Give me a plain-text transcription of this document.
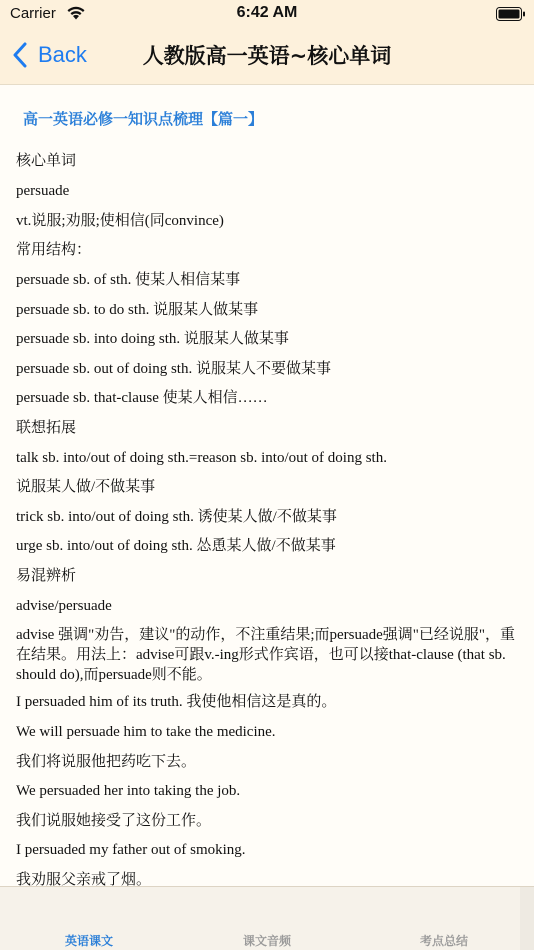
Carrier	6:42 AM
Back	人教版高一英语~核心单词
高一英语必修一知识点梳理【篇一】
核心单词
persuade
vt.说服;劝服;使相信(同convince)
常用结构：
persuade sb. of sth. 使某人相信某事
persuade sb. to do sth. 说服某人做某事
persuade sb. into doing sth. 说服某人做某事
persuade sb. out of doing sth. 说服某人不要做某事
persuade sb. that-clause 使某人相信……
联想拓展
talk sb. into/out of doing sth.=reason sb. into/out of doing sth.
说服某人做/不做某事
trick sb. into/out of doing sth. 诱使某人做/不做某事
urge sb. into/out of doing sth. 怂恿某人做/不做某事
易混辨析
advise/persuade
advise 强调"劝告，建议"的动作，不注重结果;而persuade强调"已经说服"，重在结果。用法上：advise可跟v.-ing形式作宾语，也可以接that-clause (that sb. should do),而persuade则不能。
I persuaded him of its truth. 我使他相信这是真的。
We will persuade him to take the medicine.
我们将说服他把药吃下去。
We persuaded her into taking the job.
我们说服她接受了这份工作。
I persuaded my father out of smoking.
我劝服父亲戒了烟。
英语课文	课文音频	考点总结
